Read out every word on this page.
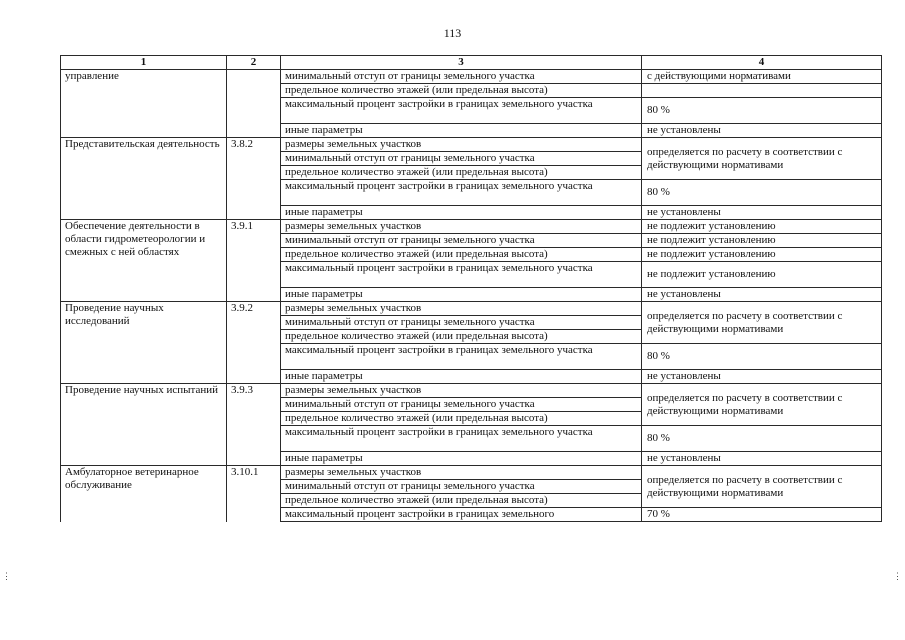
113
1	2	3	4
управление		минимальный отступ от границы земельного участка	с действующими нормативами
		предельное количество этажей (или предельная высота)	
		максимальный процент застройки в границах земельного участка	80 %
		иные параметры	не установлены
Представительская деятельность	3.8.2	размеры земельных участков	определяется по расчету в соответствии с действующими нормативами
		минимальный отступ от границы земельного участка	
		предельное количество этажей (или предельная высота)	
		максимальный процент застройки в границах земельного участка	80 %
		иные параметры	не установлены
Обеспечение деятельности в области гидрометеорологии и смежных с ней областях	3.9.1	размеры земельных участков	не подлежит установлению
		минимальный отступ от границы земельного участка	не подлежит установлению
		предельное количество этажей (или предельная высота)	не подлежит установлению
		максимальный процент застройки в границах земельного участка	не подлежит установлению
		иные параметры	не установлены
Проведение научных исследований	3.9.2	размеры земельных участков	определяется по расчету в соответствии с действующими нормативами
		минимальный отступ от границы земельного участка	
		предельное количество этажей (или предельная высота)	
		максимальный процент застройки в границах земельного участка	80 %
		иные параметры	не установлены
Проведение научных испытаний	3.9.3	размеры земельных участков	определяется по расчету в соответствии с действующими нормативами
		минимальный отступ от границы земельного участка	
		предельное количество этажей (или предельная высота)	
		максимальный процент застройки в границах земельного участка	80 %
		иные параметры	не установлены
Амбулаторное ветеринарное обслуживание	3.10.1	размеры земельных участков	определяется по расчету в соответствии с действующими нормативами
		минимальный отступ от границы земельного участка	
		предельное количество этажей (или предельная высота)	
		максимальный процент застройки в границах земельного	70 %
⋮	⋮
